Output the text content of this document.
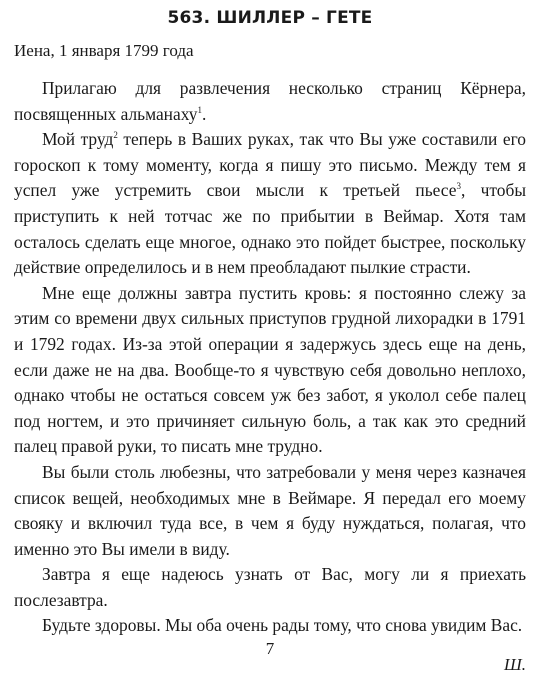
563. ШИЛЛЕР – ГЕТЕ
Иена, 1 января 1799 года

Прилагаю для развлечения несколько страниц Кёрнера, посвященных альманаху$^1$.

Мой труд$^2$ теперь в Ваших руках, так что Вы уже составили его гороскоп к тому моменту, когда я пишу это письмо. Между тем я успел уже устремить свои мысли к третьей пьесе$^3$, чтобы приступить к ней тотчас же по прибытии в Веймар. Хотя там осталось сделать еще многое, однако это пойдет быстрее, поскольку действие определилось и в нем преобладают пылкие страсти.

Мне еще должны завтра пустить кровь: я постоянно слежу за этим со времени двух сильных приступов грудной лихорадки в 1791 и 1792 годах. Из-за этой операции я задержусь здесь еще на день, если даже не на два. Вообще-то я чувствую себя довольно неплохо, однако чтобы не остаться совсем уж без забот, я уколол себе палец под ногтем, и это причиняет сильную боль, а так как это средний палец правой руки, то писать мне трудно.

Вы были столь любезны, что затребовали у меня через казначея список вещей, необходимых мне в Веймаре. Я передал его моему свояку и включил туда все, в чем я буду нуждаться, полагая, что именно это Вы имели в виду.

Завтра я еще надеюсь узнать от Вас, могу ли я приехать послезавтра.

Будьте здоровы. Мы оба очень рады тому, что снова увидим Вас.

Ш.
7
